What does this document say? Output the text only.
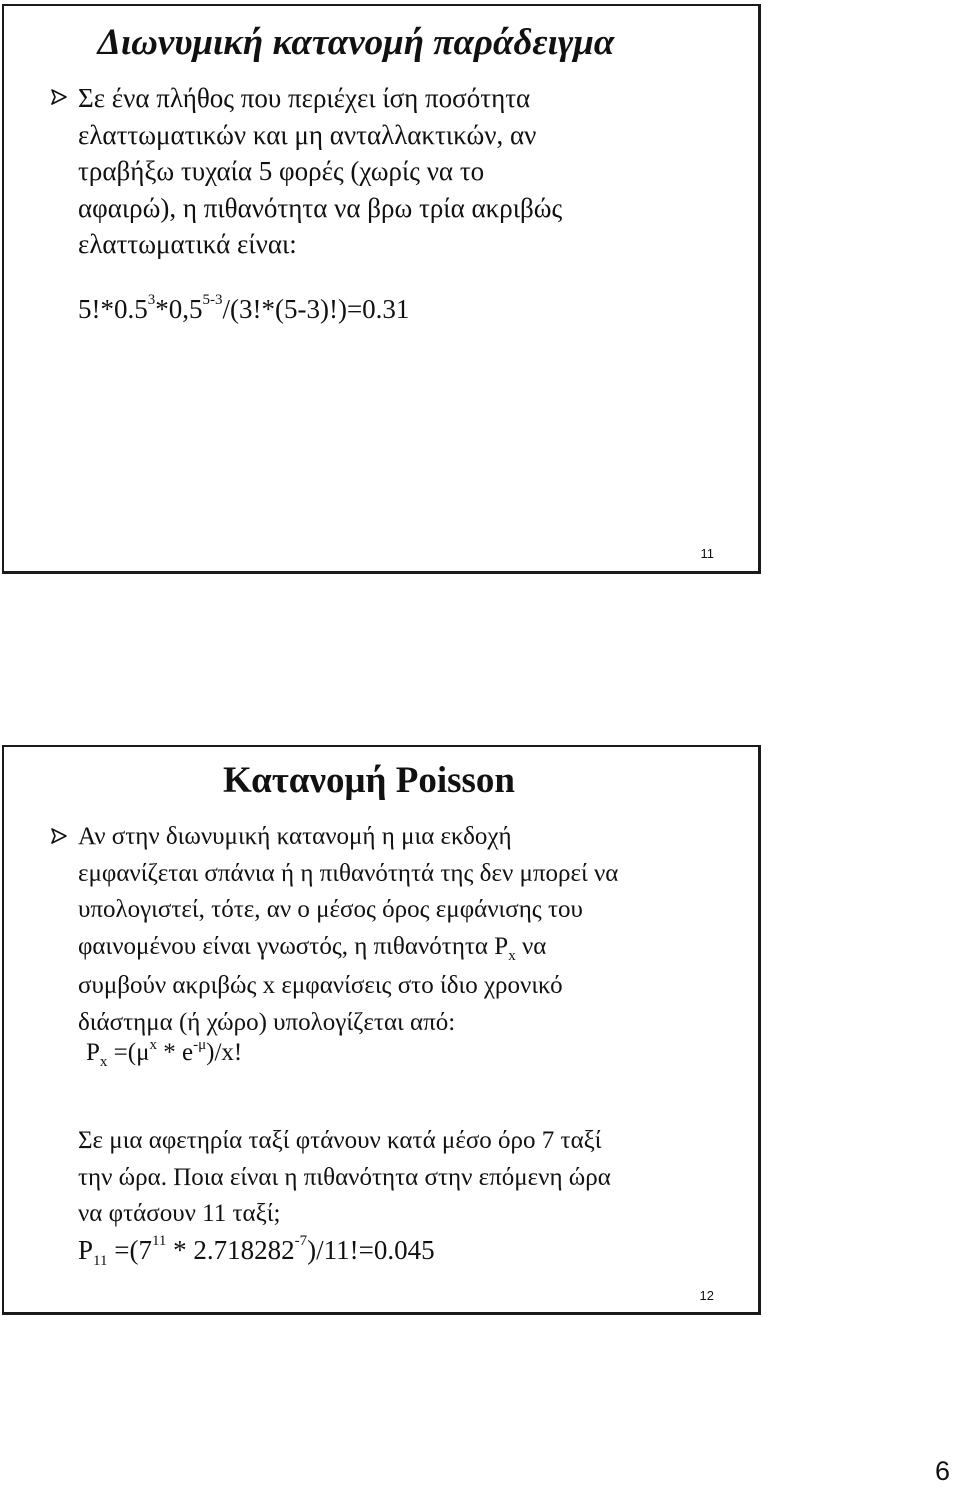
Διωνυμική κατανομή παράδειγμα
Σε ένα πλήθος που περιέχει ίση ποσότητα
ελαττωματικών και μη ανταλλακτικών, αν
τραβήξω τυχαία 5 φορές (χωρίς να το
αφαιρώ), η πιθανότητα να βρω τρία ακριβώς
ελαττωματικά είναι:
$5!*0.5^3*0,5^{5-3}/(3!*(5-3)!)=0.31$
11
Κατανομή Poisson
Αν στην διωνυμική κατανομή η μια εκδοχή
εμφανίζεται σπάνια ή η πιθανότητά της δεν μπορεί να
υπολογιστεί, τότε, αν ο μέσος όρος εμφάνισης του
φαινομένου είναι γνωστός, η πιθανότητα $P_x$ να
συμβούν ακριβώς x εμφανίσεις στο ίδιο χρονικό
διάστημα (ή χώρο) υπολογίζεται από:
$P_x =(\mu^x * e^{-\mu})/x$!
Σε μια αφετηρία ταξί φτάνουν κατά μέσο όρο 7 ταξί
την ώρα. Ποια είναι η πιθανότητα στην επόμενη ώρα
να φτάσουν 11 ταξί;
$P_{11} =(7^{11} * 2.718282^{-7})/11!=0.045$
12
6
